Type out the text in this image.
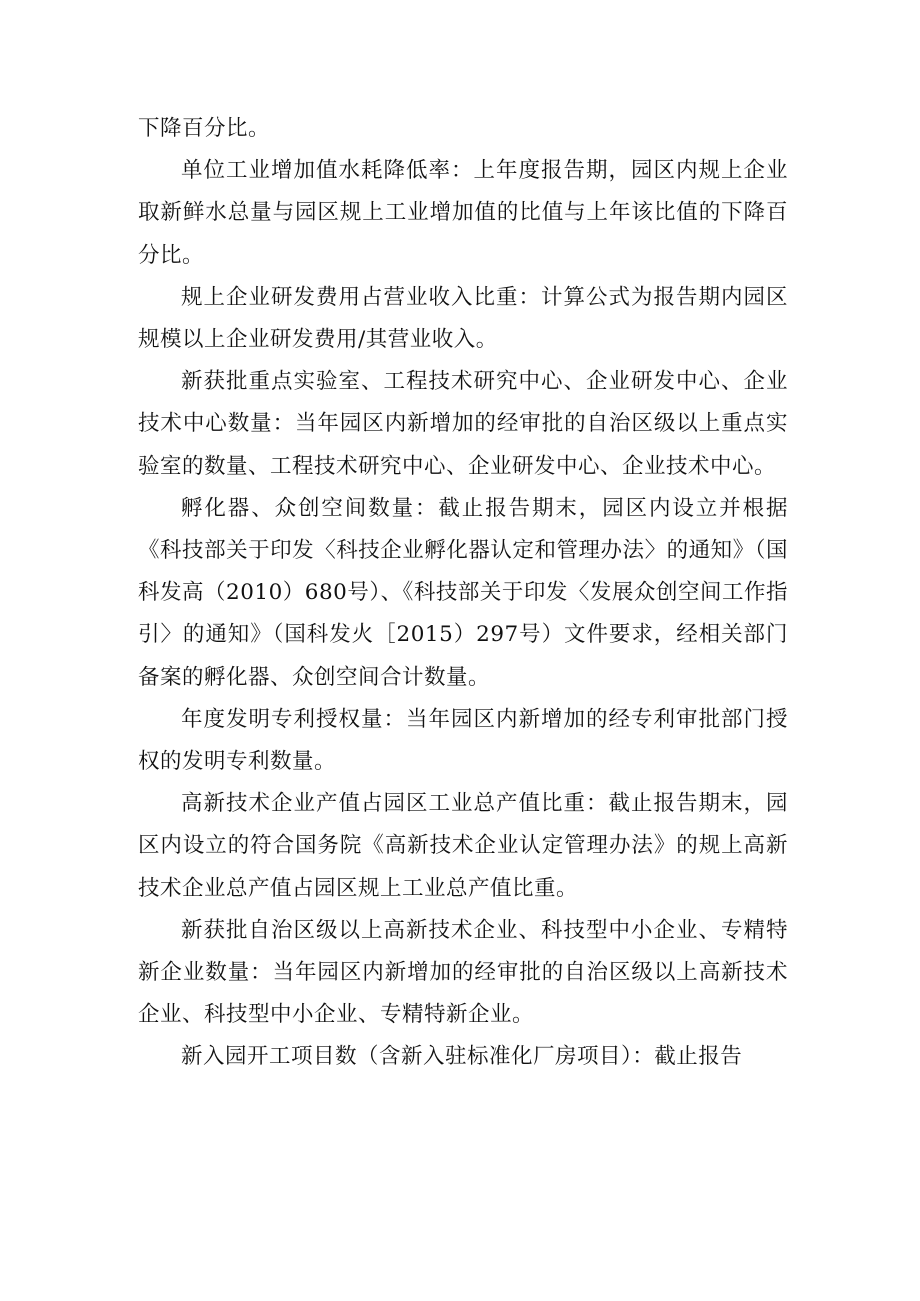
下降百分比。

单位工业增加值水耗降低率：上年度报告期，园区内规上企业取新鲜水总量与园区规上工业增加值的比值与上年该比值的下降百分比。

规上企业研发费用占营业收入比重：计算公式为报告期内园区规模以上企业研发费用/其营业收入。

新获批重点实验室、工程技术研究中心、企业研发中心、企业技术中心数量：当年园区内新增加的经审批的自治区级以上重点实验室的数量、工程技术研究中心、企业研发中心、企业技术中心。

孵化器、众创空间数量：截止报告期末，园区内设立并根据《科技部关于印发〈科技企业孵化器认定和管理办法〉的通知》（国科发高（2010）680号）、《科技部关于印发〈发展众创空间工作指引〉的通知》（国科发火［2015）297号）文件要求，经相关部门备案的孵化器、众创空间合计数量。

年度发明专利授权量：当年园区内新增加的经专利审批部门授权的发明专利数量。

高新技术企业产值占园区工业总产值比重：截止报告期末，园区内设立的符合国务院《高新技术企业认定管理办法》的规上高新技术企业总产值占园区规上工业总产值比重。

新获批自治区级以上高新技术企业、科技型中小企业、专精特新企业数量：当年园区内新增加的经审批的自治区级以上高新技术企业、科技型中小企业、专精特新企业。

新入园开工项目数（含新入驻标准化厂房项目）：截止报告
